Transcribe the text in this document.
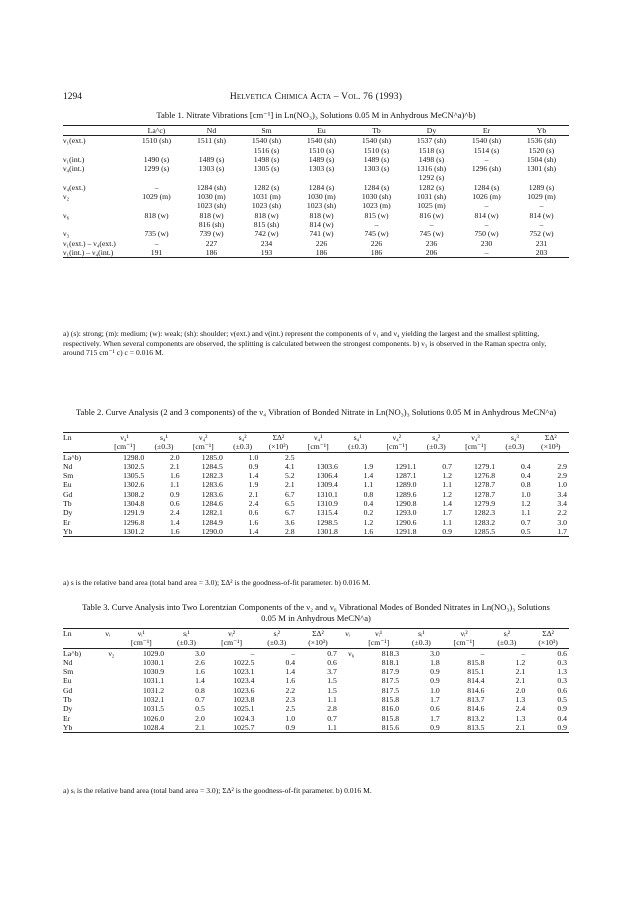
1294	Helvetica Chimica Acta – Vol. 76 (1993)
Table 1. Nitrate Vibrations [cm⁻¹] in Ln(NO₃)₃ Solutions 0.05 M in Anhydrous MeCN^a)^b)
	La^c)	Nd	Sm	Eu	Tb	Dy	Er	Yb
ν₁(ext.)	1510 (sh)	1511 (sh)	1540 (sh)	1540 (sh)	1540 (sh)	1537 (sh)	1540 (sh)	1536 (sh)
			1516 (s)	1510 (s)	1510 (s)	1518 (s)	1514 (s)	1520 (s)
ν₁(int.)	1490 (s)	1489 (s)	1498 (s)	1489 (s)	1489 (s)	1498 (s)	–	1504 (sh)
ν₄(int.)	1299 (s)	1303 (s)	1305 (s)	1303 (s)	1303 (s)	1316 (sh)	1296 (sh)	1301 (sh)
						1292 (s)		
ν₄(ext.)	–	1284 (sh)	1282 (s)	1284 (s)	1284 (s)	1282 (s)	1284 (s)	1289 (s)
ν₂	1029 (m)	1030 (m)	1031 (m)	1030 (m)	1030 (sh)	1031 (sh)	1026 (m)	1029 (m)
		1023 (sh)	1023 (sh)	1023 (sh)	1023 (m)	1025 (m)	–	–
ν₆	818 (w)	818 (w)	818 (w)	818 (w)	815 (w)	816 (w)	814 (w)	814 (w)
		816 (sh)	815 (sh)	814 (w)	–	–	–	–
ν₃	735 (w)	739 (w)	742 (w)	741 (w)	745 (w)	745 (w)	750 (w)	752 (w)
ν₁(ext.) – ν₄(ext.)	–	227	234	226	226	236	230	231
ν₁(int.) – ν₄(int.)	191	186	193	186	186	206	–	203
a) (s): strong; (m): medium; (w): weak; (sh): shoulder; ν(ext.) and ν(int.) represent the components of ν₁ and ν₄ yielding the largest and the smallest splitting, respectively. When several components are observed, the splitting is calculated between the strongest components. b) ν₃ is observed in the Raman spectra only, around 715 cm⁻¹ c) c = 0.016 M.
Table 2. Curve Analysis (2 and 3 components) of the ν₄ Vibration of Bonded Nitrate in Ln(NO₃)₃ Solutions 0.05 M in Anhydrous MeCN^a)
Ln	ν₄¹	s₄¹	ν₄²	s₄²	ΣΔ²	ν₄¹	s₄¹	ν₄²	s₄²	ν₄³	s₄³	ΣΔ²
	[cm⁻¹]	(±0.3)	[cm⁻¹]	(±0.3)	(×10³)	[cm⁻¹]	(±0.3)	[cm⁻¹]	(±0.3)	[cm⁻¹]	(±0.3)	(×10³)
La^b)	1298.0	2.0	1285.0	1.0	2.5							
Nd	1302.5	2.1	1284.5	0.9	4.1	1303.6	1.9	1291.1	0.7	1279.1	0.4	2.9
Sm	1305.5	1.6	1282.3	1.4	5.2	1306.4	1.4	1287.1	1.2	1276.8	0.4	2.9
Eu	1302.6	1.1	1283.6	1.9	2.1	1309.4	1.1	1289.0	1.1	1278.7	0.8	1.0
Gd	1308.2	0.9	1283.6	2.1	6.7	1310.1	0.8	1289.6	1.2	1278.7	1.0	3.4
Tb	1304.8	0.6	1284.6	2.4	6.5	1310.9	0.4	1290.8	1.4	1279.9	1.2	3.4
Dy	1291.9	2.4	1282.1	0.6	6.7	1315.4	0.2	1293.0	1.7	1282.3	1.1	2.2
Er	1296.8	1.4	1284.9	1.6	3.6	1298.5	1.2	1290.6	1.1	1283.2	0.7	3.0
Yb	1301.2	1.6	1290.0	1.4	2.8	1301.8	1.6	1291.8	0.9	1285.5	0.5	1.7
a) s is the relative band area (total band area = 3.0); ΣΔ² is the goodness-of-fit parameter. b) 0.016 M.
Table 3. Curve Analysis into Two Lorentzian Components of the ν₂ and ν₆ Vibrational Modes of Bonded Nitrates in Ln(NO₃)₃ Solutions 0.05 M in Anhydrous MeCN^a)
Ln	νᵢ	νᵢ¹	sᵢ¹	νᵢ²	sᵢ²	ΣΔ²	νᵢ	νᵢ¹	sᵢ¹	νᵢ²	sᵢ²	ΣΔ²
		[cm⁻¹]	(±0.3)	[cm⁻¹]	(±0.3)	(×10³)		[cm⁻¹]	(±0.3)	[cm⁻¹]	(±0.3)	(×10³)
La^b)	ν₂	1029.0	3.0	–	–	0.7	ν₆	818.3	3.0	–	–	0.6
Nd		1030.1	2.6	1022.5	0.4	0.6		818.1	1.8	815.8	1.2	0.3
Sm		1030.9	1.6	1023.1	1.4	3.7		817.9	0.9	815.1	2.1	1.3
Eu		1031.1	1.4	1023.4	1.6	1.5		817.5	0.9	814.4	2.1	0.3
Gd		1031.2	0.8	1023.6	2.2	1.5		817.5	1.0	814.6	2.0	0.6
Tb		1032.1	0.7	1023.8	2.3	1.1		815.8	1.7	813.7	1.3	0.5
Dy		1031.5	0.5	1025.1	2.5	2.8		816.0	0.6	814.6	2.4	0.9
Er		1026.0	2.0	1024.3	1.0	0.7		815.8	1.7	813.2	1.3	0.4
Yb		1028.4	2.1	1025.7	0.9	1.1		815.6	0.9	813.5	2.1	0.9
a) sᵢ is the relative band area (total band area = 3.0); ΣΔ² is the goodness-of-fit parameter. b) 0.016 M.
